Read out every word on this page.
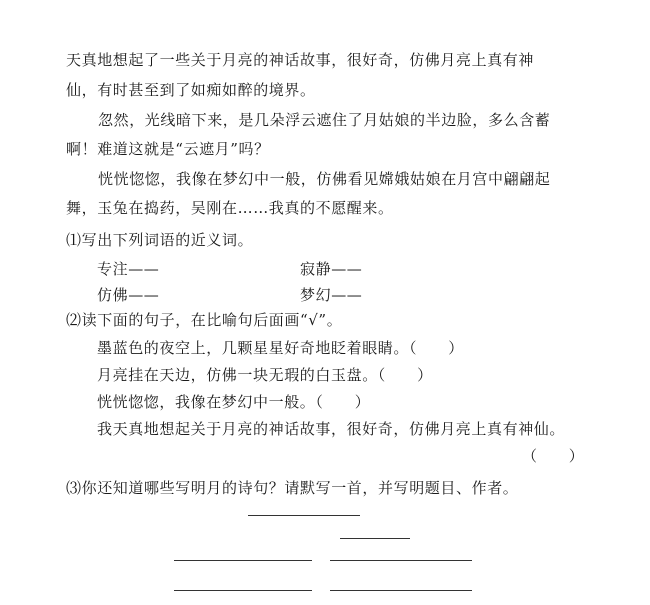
天真地想起了一些关于月亮的神话故事，很好奇，仿佛月亮上真有神
仙，有时甚至到了如痴如醉的境界。
忽然，光线暗下来，是几朵浮云遮住了月姑娘的半边脸，多么含蓄
啊！难道这就是“云遮月”吗？
恍恍惚惚，我像在梦幻中一般，仿佛看见嫦娥姑娘在月宫中翩翩起
舞，玉兔在捣药，吴刚在……我真的不愿醒来。
⑴写出下列词语的近义词。
专注——	寂静——
仿佛——	梦幻——
⑵读下面的句子，在比喻句后面画“√”。
墨蓝色的夜空上，几颗星星好奇地眨着眼睛。（　　）
月亮挂在天边，仿佛一块无瑕的白玉盘。（　　）
恍恍惚惚，我像在梦幻中一般。（　　）
我天真地想起关于月亮的神话故事，很好奇，仿佛月亮上真有神仙。
（　　）
⑶你还知道哪些写明月的诗句？请默写一首，并写明题目、作者。
